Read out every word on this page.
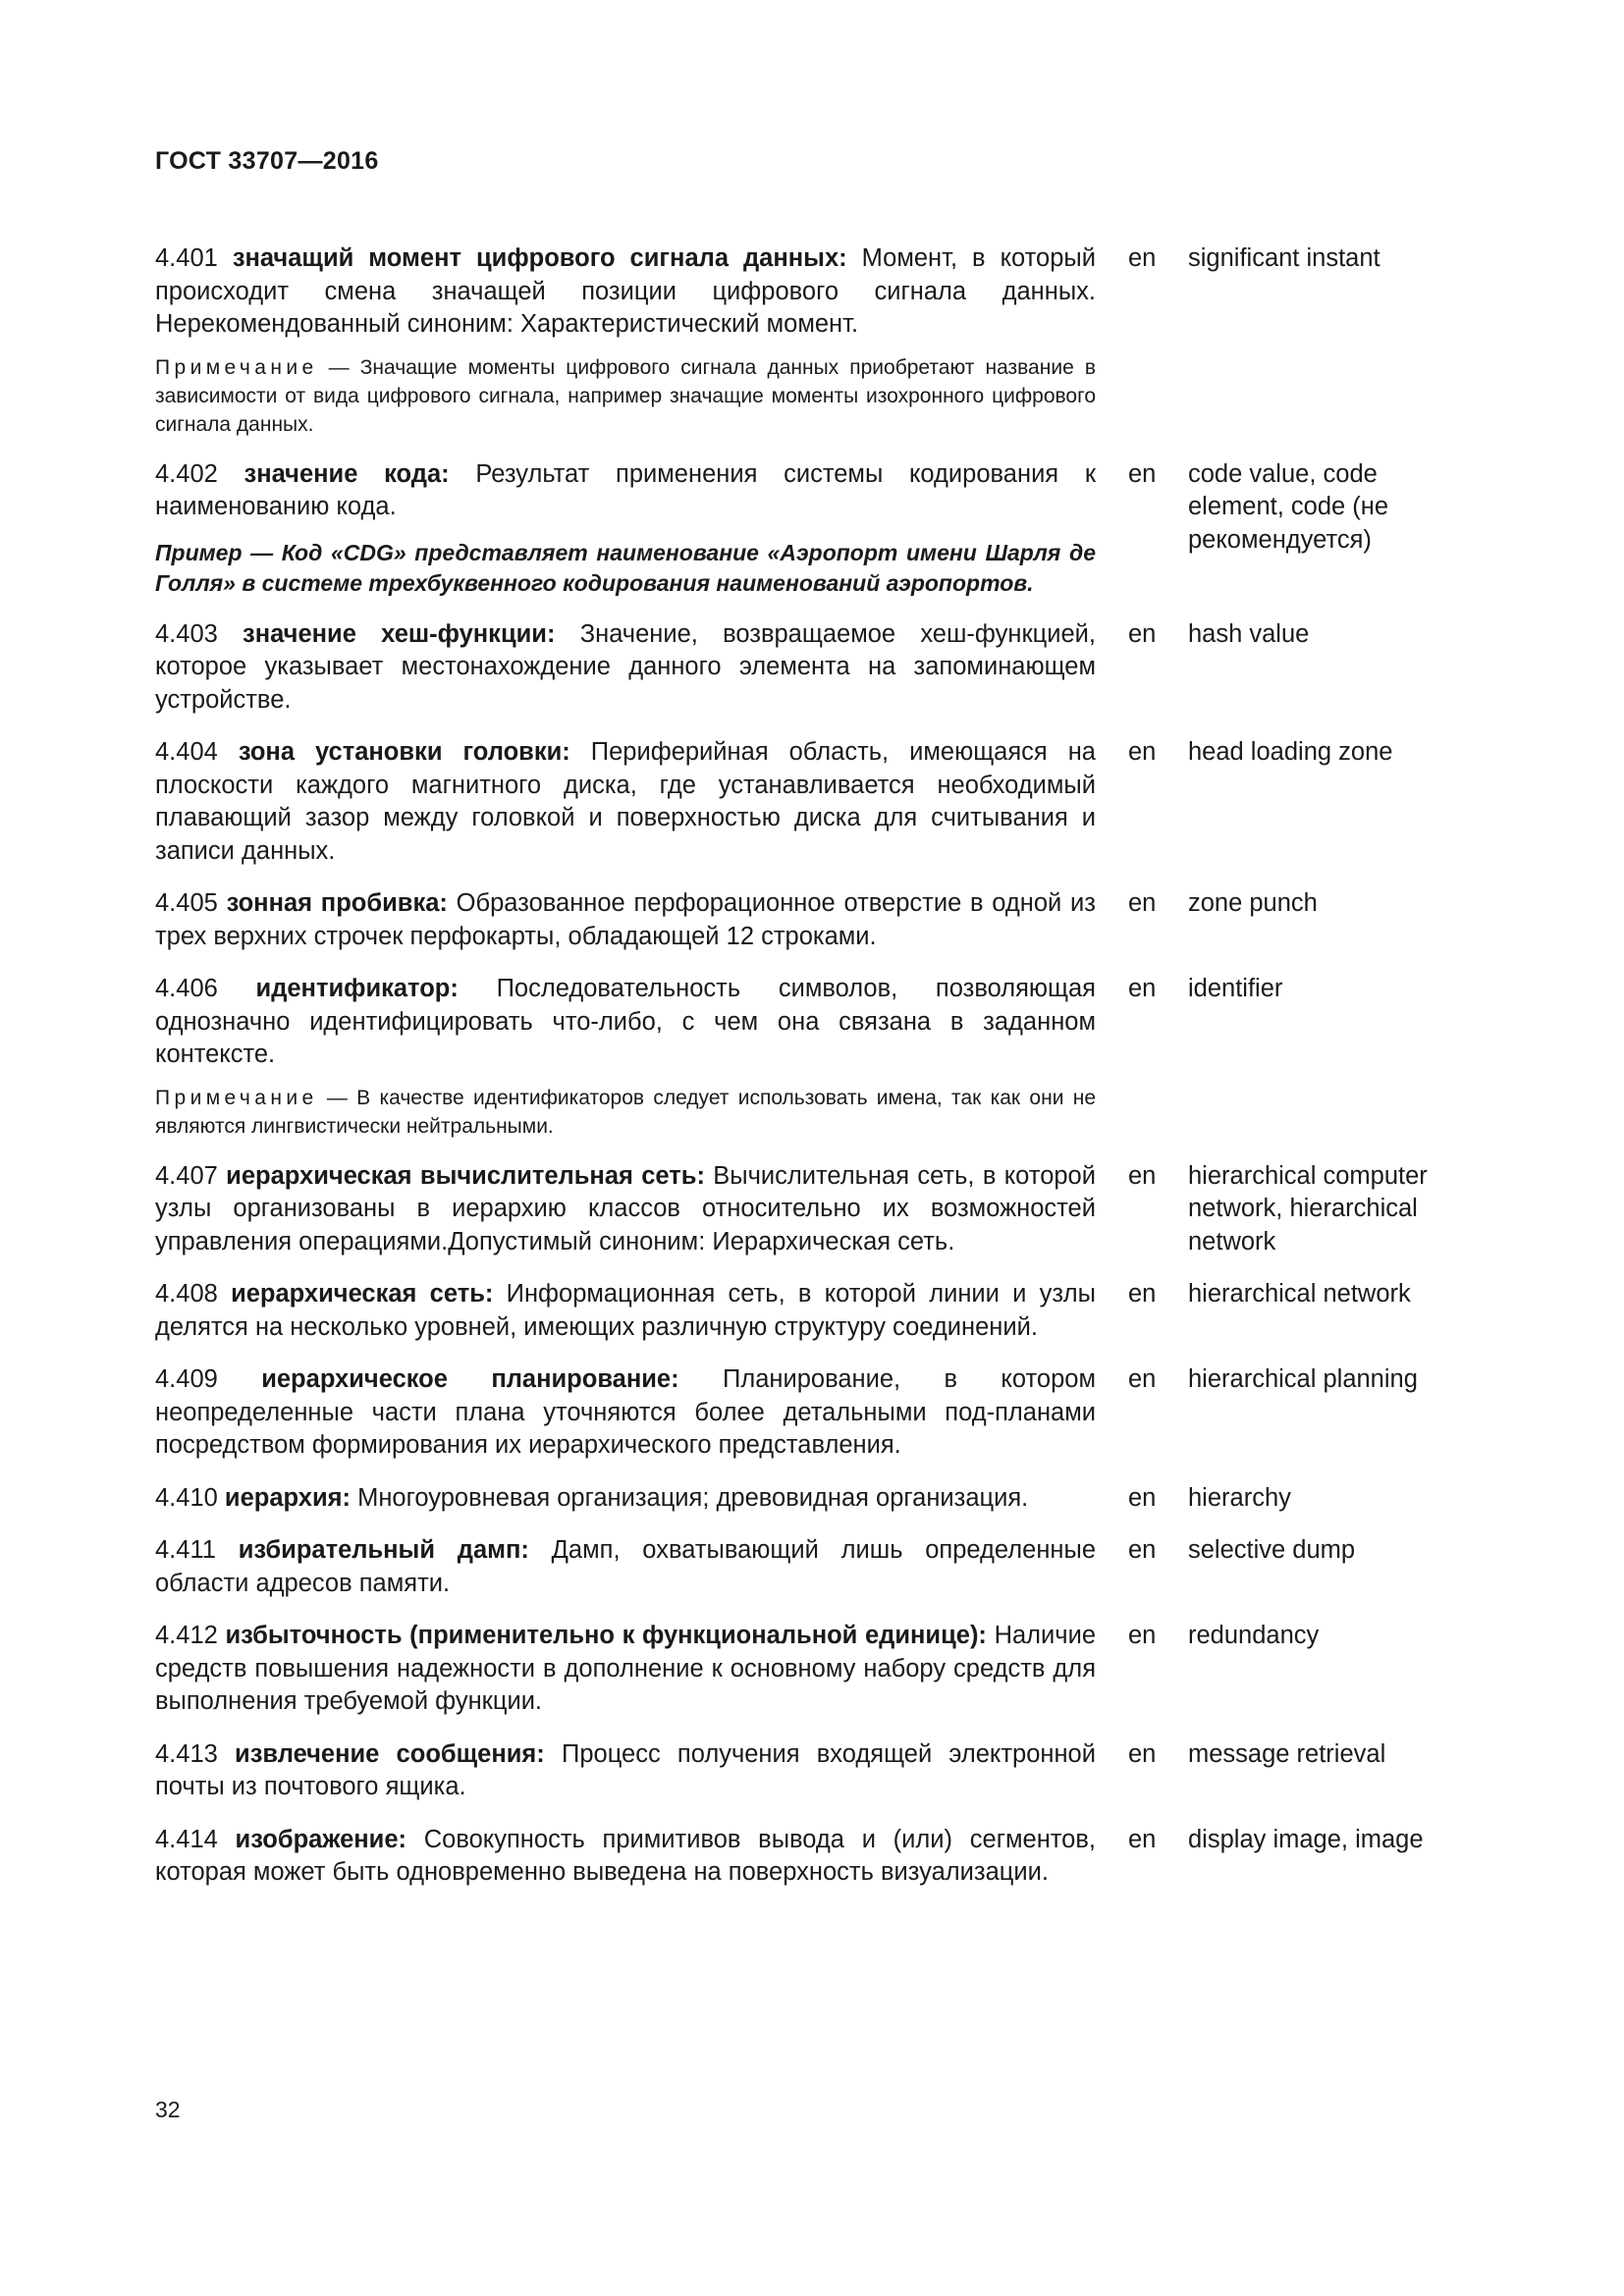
ГОСТ 33707—2016
4.401 значащий момент цифрового сигнала данных: Момент, в который происходит смена значащей позиции цифрового сигнала данных. Нерекомендованный синоним: Характеристический момент.
en significant instant
Примечание — Значащие моменты цифрового сигнала данных приобретают название в зависимости от вида цифрового сигнала, например значащие моменты изохронного цифрового сигнала данных.
4.402 значение кода: Результат применения системы кодирования к наименованию кода.
en code value, code element, code (не рекомендуется)
Пример — Код «CDG» представляет наименование «Аэропорт имени Шарля де Голля» в системе трехбуквенного кодирования наименований аэропортов.
4.403 значение хеш-функции: Значение, возвращаемое хеш-функцией, которое указывает местонахождение данного элемента на запоминающем устройстве.
en hash value
4.404 зона установки головки: Периферийная область, имеющаяся на плоскости каждого магнитного диска, где устанавливается необходимый плавающий зазор между головкой и поверхностью диска для считывания и записи данных.
en head loading zone
4.405 зонная пробивка: Образованное перфорационное отверстие в одной из трех верхних строчек перфокарты, обладающей 12 строками.
en zone punch
4.406 идентификатор: Последовательность символов, позволяющая однозначно идентифицировать что-либо, с чем она связана в заданном контексте.
en identifier
Примечание — В качестве идентификаторов следует использовать имена, так как они не являются лингвистически нейтральными.
4.407 иерархическая вычислительная сеть: Вычислительная сеть, в которой узлы организованы в иерархию классов относительно их возможностей управления операциями.Допустимый синоним: Иерархическая сеть.
en hierarchical computer network, hierarchical network
4.408 иерархическая сеть: Информационная сеть, в которой линии и узлы делятся на несколько уровней, имеющих различную структуру соединений.
en hierarchical network
4.409 иерархическое планирование: Планирование, в котором неопределенные части плана уточняются более детальными под-планами посредством формирования их иерархического представления.
en hierarchical planning
4.410 иерархия: Многоуровневая организация; древовидная организация.	en hierarchy
4.411 избирательный дамп: Дамп, охватывающий лишь определенные области адресов памяти.
en selective dump
4.412 избыточность (применительно к функциональной единице): Наличие средств повышения надежности в дополнение к основному набору средств для выполнения требуемой функции.
en redundancy
4.413 извлечение сообщения: Процесс получения входящей электронной почты из почтового ящика.
en message retrieval
4.414 изображение: Совокупность примитивов вывода и (или) сегментов, которая может быть одновременно выведена на поверхность визуализации.
en display image, image
32
